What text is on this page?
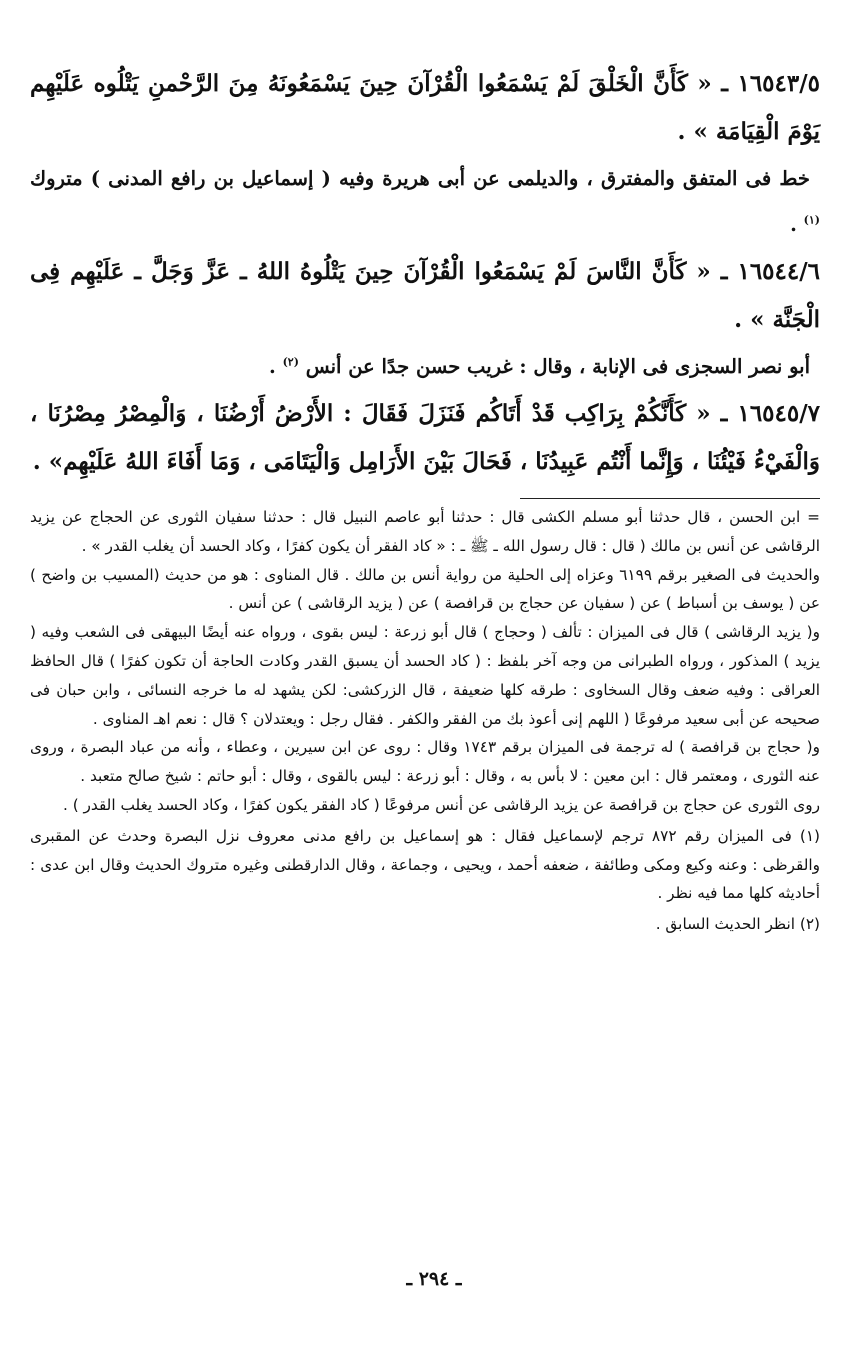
١٦٥٤٣/٥ ـ « كَأَنَّ الْخَلْقَ لَمْ يَسْمَعُوا الْقُرْآنَ حِينَ يَسْمَعُونَهُ مِنَ الرَّحْمنِ يَتْلُوه عَلَيْهِم يَوْمَ الْقِيَامَة » .

خط فى المتفق والمفترق ، والديلمى عن أبى هريرة وفيه ( إسماعيل بن رافع المدنى ) متروك $^{(١)}$ .

١٦٥٤٤/٦ ـ « كَأَنَّ النَّاسَ لَمْ يَسْمَعُوا الْقُرْآنَ حِينَ يَتْلُوهُ اللهُ ـ عَزَّ وَجَلَّ ـ عَلَيْهِم فِى الْجَنَّة » .

أبو نصر السجزى فى الإنابة ، وقال : غريب حسن جدًا عن أنس $^{(٢)}$ .

١٦٥٤٥/٧ ـ « كَأَنَّكُمْ بِرَاكِب قَدْ أَتَاكُم فَنَزَلَ فَقَالَ : الأَرْضُ أَرْضُنَا ، وَالْمِصْرُ مِصْرُنَا ، وَالْفَيْءُ فَيْئُنَا ، وَإِنَّما أَنْتُم عَبِيدُنَا ، فَحَالَ بَيْنَ الأَرَامِل وَالْيَتَامَى ، وَمَا أَفَاءَ اللهُ عَلَيْهِم» .

= ابن الحسن ، قال حدثنا أبو مسلم الكشى قال : حدثنا أبو عاصم النبيل قال : حدثنا سفيان الثورى عن الحجاج عن يزيد الرقاشى عن أنس بن مالك ( قال : قال رسول الله ـ ﷺ ـ : « كاد الفقر أن يكون كفرًا ، وكاد الحسد أن يغلب القدر » .

والحديث فى الصغير برقم ٦١٩٩ وعزاه إلى الحلية من رواية أنس بن مالك . قال المناوى : هو من حديث (المسيب بن واضح ) عن ( يوسف بن أسباط ) عن ( سفيان عن حجاج بن قرافصة ) عن ( يزيد الرقاشى ) عن أنس .

و( يزيد الرقاشى ) قال فى الميزان : تألف ( وحجاج ) قال أبو زرعة : ليس بقوى ، ورواه عنه أيضًا البيهقى فى الشعب وفيه ( يزيد ) المذكور ، ورواه الطبرانى من وجه آخر بلفظ : ( كاد الحسد أن يسبق القدر وكادت الحاجة أن تكون كفرًا ) قال الحافظ العراقى : وفيه ضعف وقال السخاوى : طرقه كلها ضعيفة ، قال الزركشى: لكن يشهد له ما خرجه النسائى ، وابن حبان فى صحيحه عن أبى سعيد مرفوعًا ( اللهم إنى أعوذ بك من الفقر والكفر . فقال رجل : ويعتدلان ؟ قال : نعم اهـ المناوى .

و( حجاج بن قرافصة ) له ترجمة فى الميزان برقم ١٧٤٣ وقال : روى عن ابن سيرين ، وعطاء ، وأنه من عباد البصرة ، وروى عنه الثورى ، ومعتمر قال : ابن معين : لا بأس به ، وقال : أبو زرعة : ليس بالقوى ، وقال : أبو حاتم : شيخ صالح متعبد .

روى الثورى عن حجاج بن قرافصة عن يزيد الرقاشى عن أنس مرفوعًا ( كاد الفقر يكون كفرًا ، وكاد الحسد يغلب القدر ) .

(١) فى الميزان رقم ٨٧٢ ترجم لإسماعيل فقال : هو إسماعيل بن رافع مدنى معروف نزل البصرة وحدث عن المقبرى والقرظى : وعنه وكيع ومكى وطائفة ، ضعفه أحمد ، ويحيى ، وجماعة ، وقال الدارقطنى وغيره متروك الحديث وقال ابن عدى : أحاديثه كلها مما فيه نظر .

(٢) انظر الحديث السابق .

ـ ٢٩٤ ـ
